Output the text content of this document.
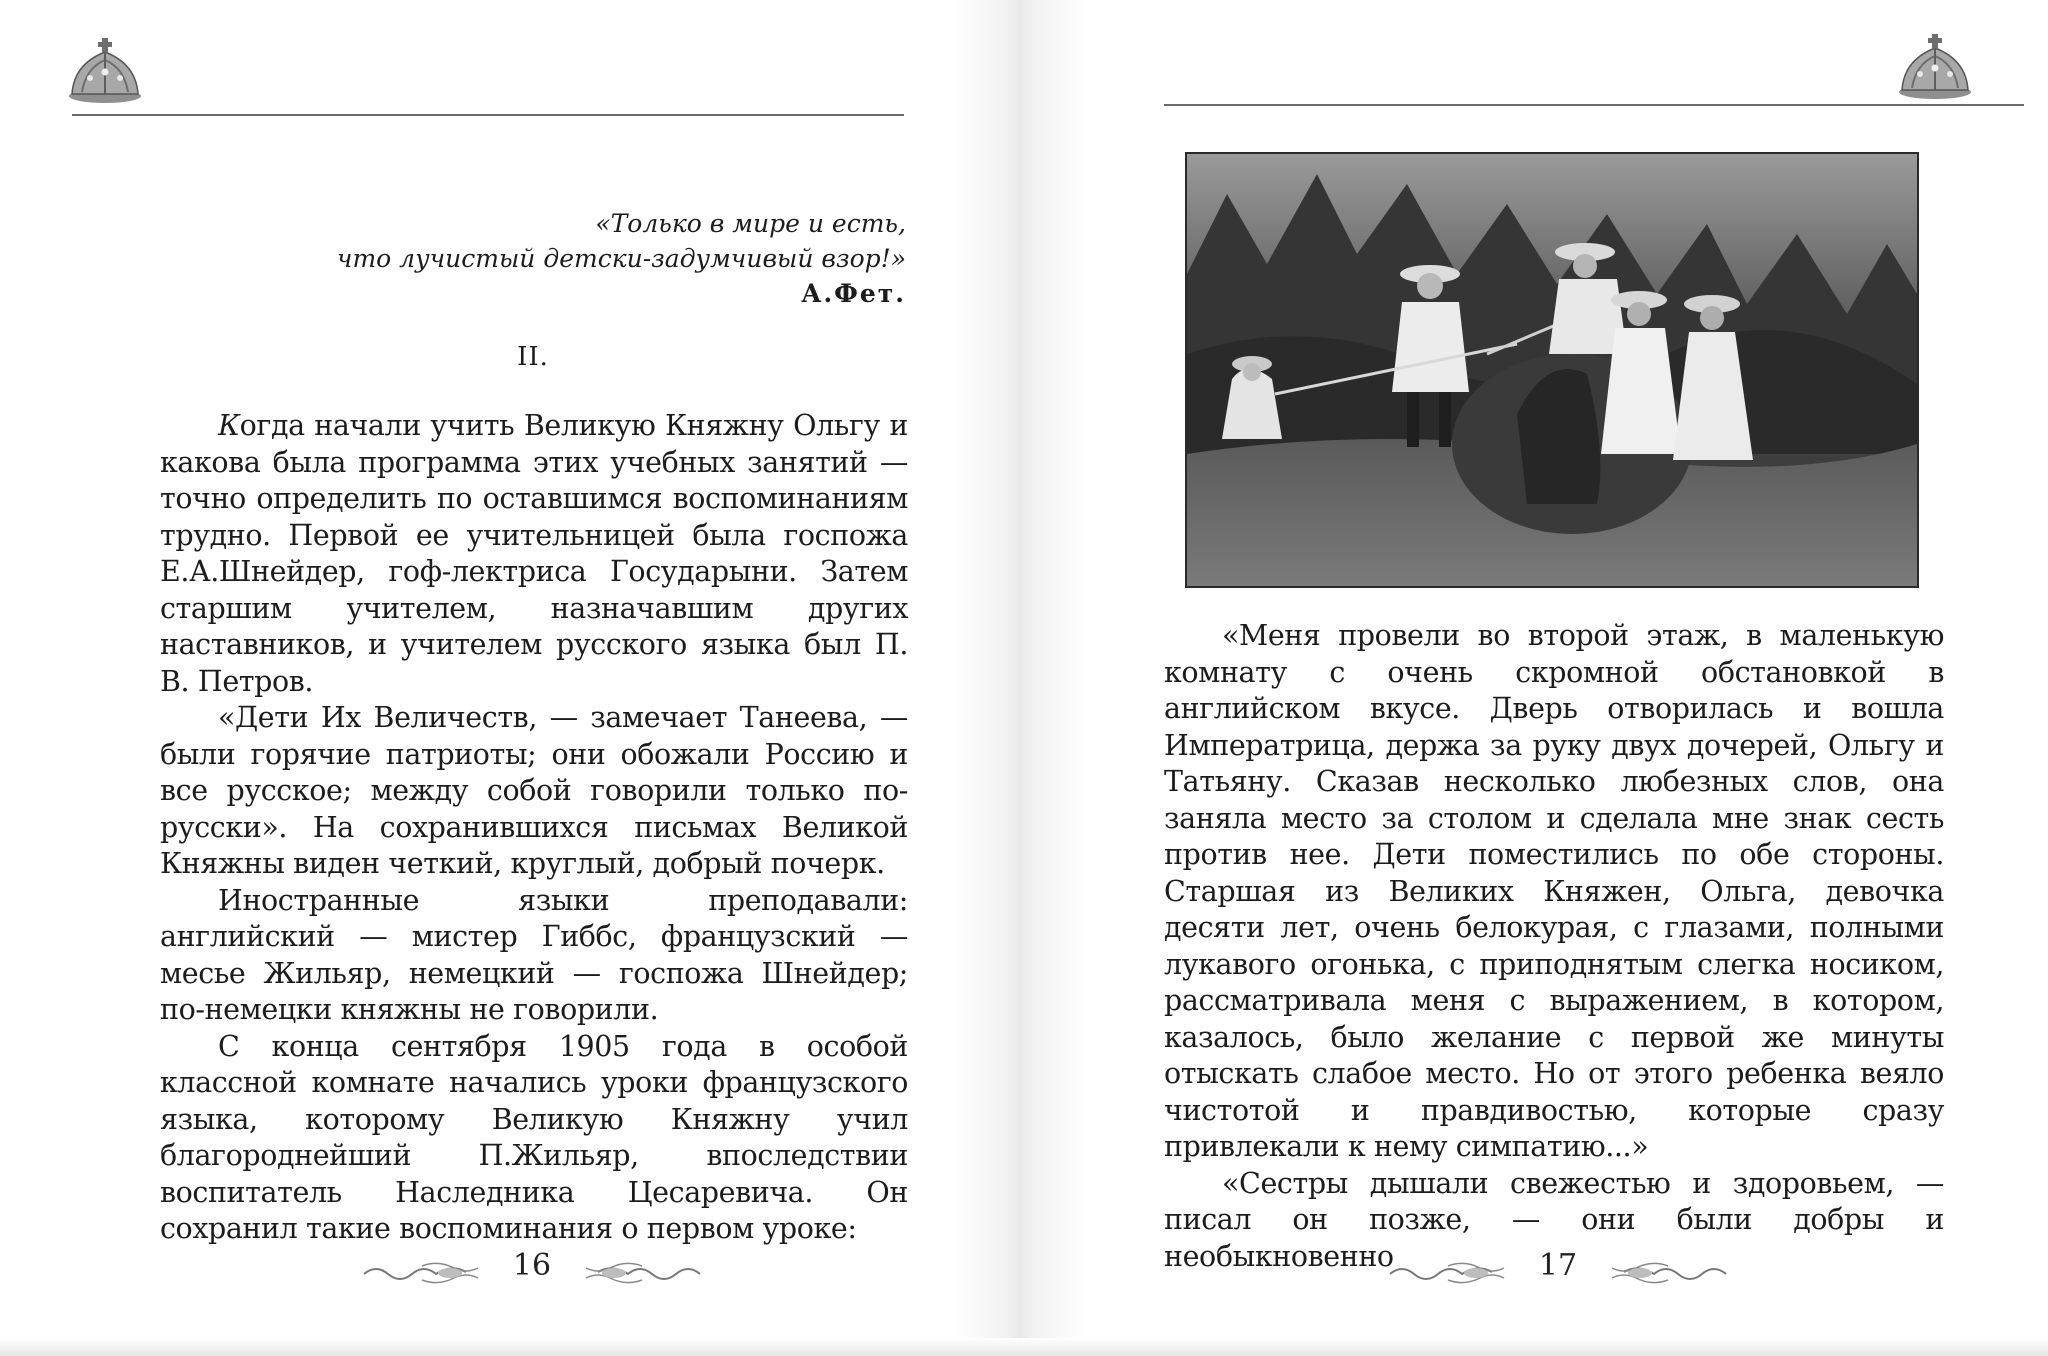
«Только в мире и есть,
что лучистый детски-задумчивый взор!»
А.Фет.
II.

Когда начали учить Великую Княжну Ольгу и какова была программа этих учебных занятий — точно определить по оставшимся воспоминаниям трудно. Первой ее учительницей была госпожа Е.А.Шнейдер, гоф-лектриса Государыни. Затем старшим учителем, назначавшим других наставников, и учителем русского языка был П. В. Петров.

«Дети Их Величеств, — замечает Танеева, — были горячие патриоты; они обожали Россию и все русское; между собой говорили только по-русски». На сохранившихся письмах Великой Княжны виден четкий, круглый, добрый почерк.

Иностранные языки преподавали: английский — мистер Гиббс, французский — месье Жильяр, немецкий — госпожа Шнейдер; по-немецки княжны не говорили.

С конца сентября 1905 года в особой классной комнате начались уроки французского языка, которому Великую Княжну учил благороднейший П.Жильяр, впоследствии воспитатель Наследника Цесаревича. Он сохранил такие воспоминания о первом уроке:

16

«Меня провели во второй этаж, в маленькую комнату с очень скромной обстановкой в английском вкусе. Дверь отворилась и вошла Императрица, держа за руку двух дочерей, Ольгу и Татьяну. Сказав несколько любезных слов, она заняла место за столом и сделала мне знак сесть против нее. Дети поместились по обе стороны. Старшая из Великих Княжен, Ольга, девочка десяти лет, очень белокурая, с глазами, полными лукавого огонька, с приподнятым слегка носиком, рассматривала меня с выражением, в котором, казалось, было желание с первой же минуты отыскать слабое место. Но от этого ребенка веяло чистотой и правдивостью, которые сразу привлекали к нему симпатию...»

«Сестры дышали свежестью и здоровьем, — писал он позже, — они были добры и необыкновенно	17
